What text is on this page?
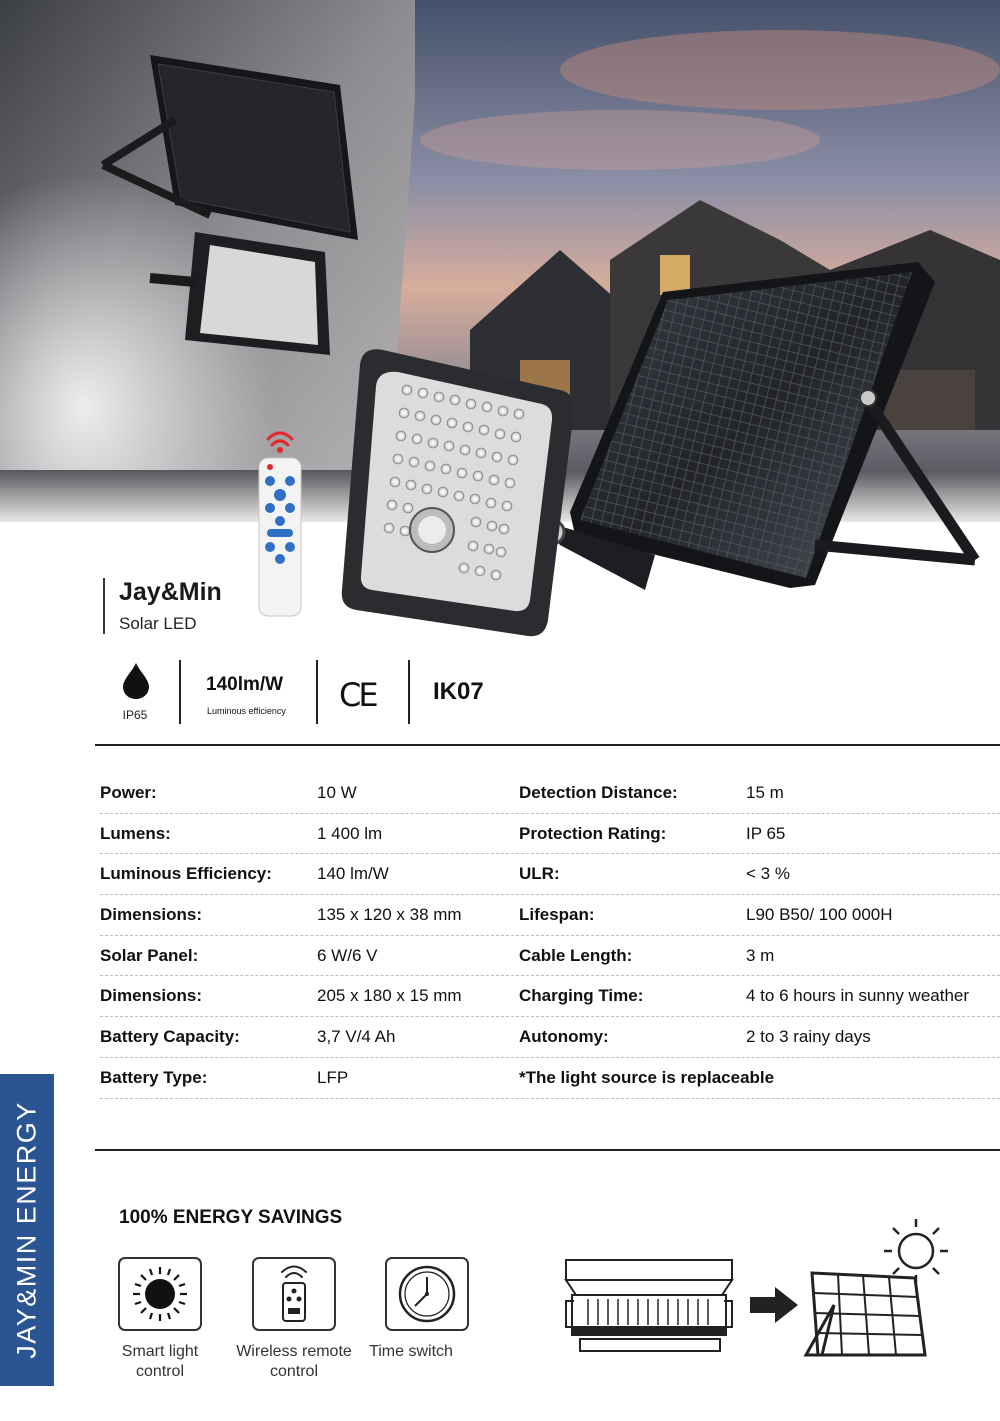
Jay&Min
Solar LED
IP65
140lm/W
Luminous efficiency CE IK07
Power:	10 W	Detection Distance:	15 m
Lumens:	1 400 lm	Protection Rating:	IP 65
Luminous Efficiency:	140 lm/W	ULR:	< 3 %
Dimensions:	135 x 120 x 38 mm	Lifespan:	L90 B50/ 100 000H
Solar Panel:	6 W/6 V	Cable Length:	3 m
Dimensions:	205 x 180 x 15 mm	Charging Time:	4 to 6 hours in sunny weather
Battery Capacity:	3,7 V/4 Ah	Autonomy:	2 to 3 rainy days
Battery Type:	LFP	*The light source is replaceable
JAY&MIN ENERGY	100% ENERGY SAVINGS
Smart light
control
Wireless remote
control
Time switch
